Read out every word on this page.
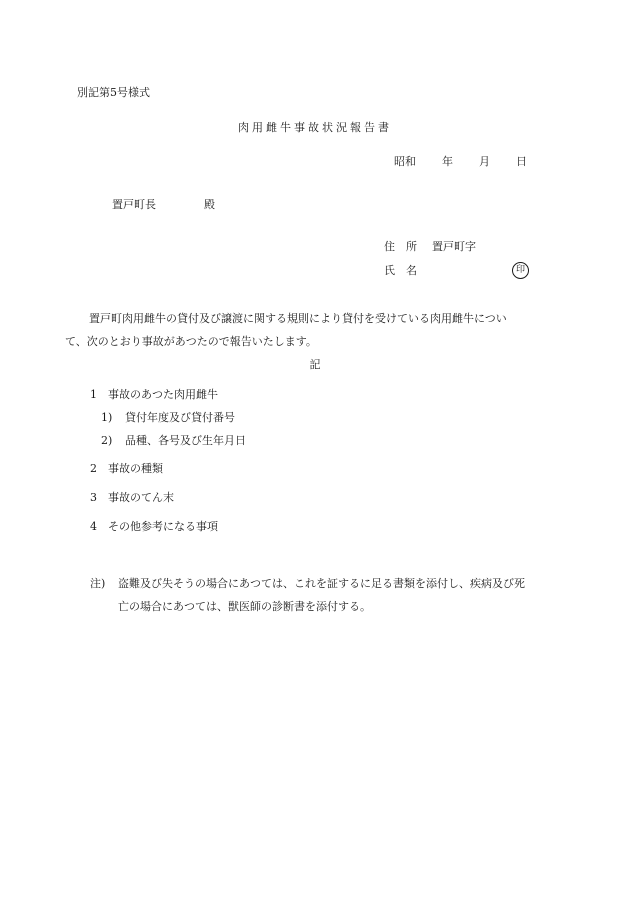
別記第5号様式
肉用雌牛事故状況報告書
昭和 年 月 日
置戸町長	殿
住 所 置戸町字
氏 名	印

置戸町肉用雌牛の貸付及び譲渡に関する規則により貸付を受けている肉用雌牛につい
て、次のとおり事故があつたので報告いたします。

記
1 事故のあつた肉用雌牛
1) 貸付年度及び貸付番号
2) 品種、各号及び生年月日
2 事故の種類
3 事故のてん末
4 その他参考になる事項
注) 盗難及び失そうの場合にあつては、これを証するに足る書類を添付し、疾病及び死
亡の場合にあつては、獣医師の診断書を添付する。
